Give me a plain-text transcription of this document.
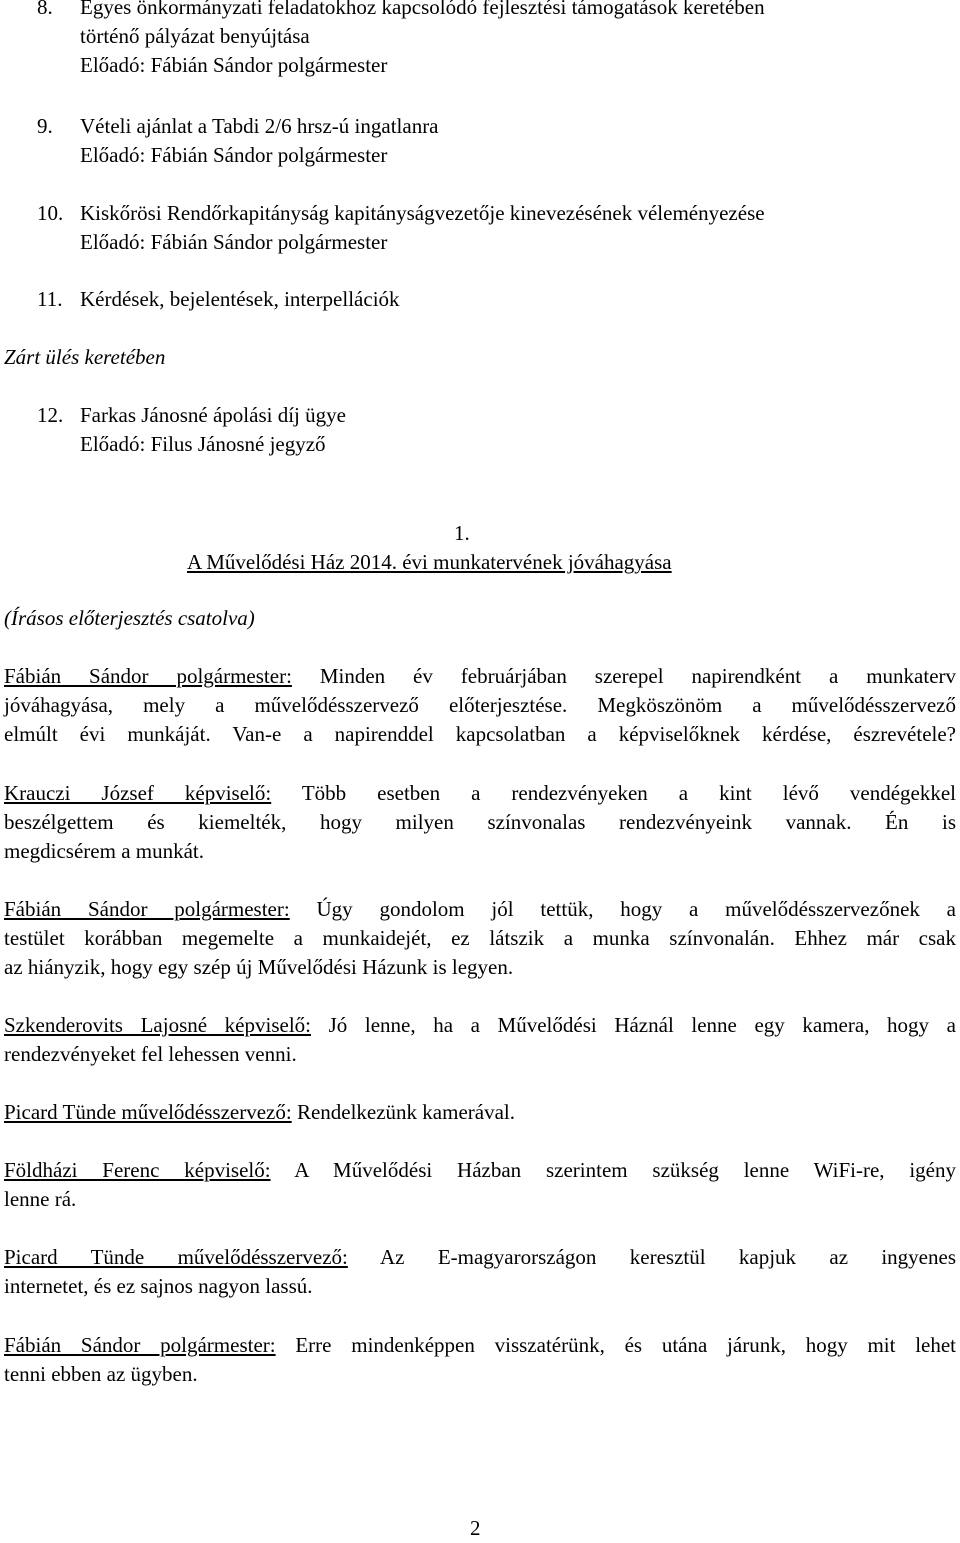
8.	Egyes önkormányzati feladatokhoz kapcsolódó fejlesztési támogatások keretében
történő pályázat benyújtása
Előadó: Fábián Sándor polgármester
9.	Vételi ajánlat a Tabdi 2/6 hrsz-ú ingatlanra
Előadó: Fábián Sándor polgármester
10. Kiskőrösi Rendőrkapitányság kapitányságvezetője kinevezésének véleményezése
Előadó: Fábián Sándor polgármester
11. Kérdések, bejelentések, interpellációk
Zárt ülés keretében
12. Farkas Jánosné ápolási díj ügye
Előadó: Filus Jánosné jegyző
1.
A Művelődési Ház 2014. évi munkatervének jóváhagyása
(Írásos előterjesztés csatolva)
Fábián Sándor polgármester: Minden év februárjában szerepel napirendként a munkaterv
jóváhagyása, mely a művelődésszervező előterjesztése. Megköszönöm a művelődésszervező
elmúlt évi munkáját. Van-e a napirenddel kapcsolatban a képviselőknek kérdése, észrevétele?
Krauczi József képviselő: Több esetben a rendezvényeken a kint lévő vendégekkel
beszélgettem és kiemelték, hogy milyen színvonalas rendezvényeink vannak. Én is
megdicsérem a munkát.
Fábián Sándor polgármester: Úgy gondolom jól tettük, hogy a művelődésszervezőnek a
testület korábban megemelte a munkaidejét, ez látszik a munka színvonalán. Ehhez már csak
az hiányzik, hogy egy szép új Művelődési Házunk is legyen.
Szkenderovits Lajosné képviselő: Jó lenne, ha a Művelődési Háznál lenne egy kamera, hogy a
rendezvényeket fel lehessen venni.
Picard Tünde művelődésszervező: Rendelkezünk kamerával.
Földházi Ferenc képviselő: A Művelődési Házban szerintem szükség lenne WiFi-re, igény
lenne rá.
Picard Tünde művelődésszervező: Az E-magyarországon keresztül kapjuk az ingyenes
internetet, és ez sajnos nagyon lassú.
Fábián Sándor polgármester: Erre mindenképpen visszatérünk, és utána járunk, hogy mit lehet
tenni ebben az ügyben.
2
